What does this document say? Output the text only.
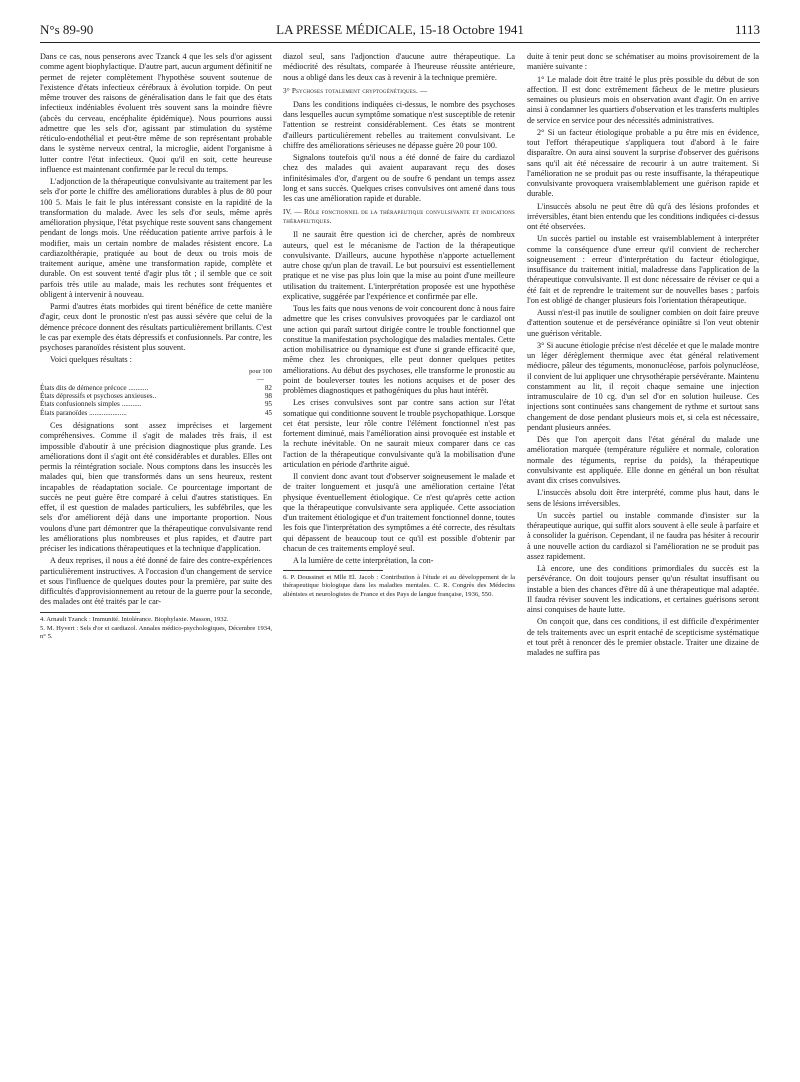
N°s 89-90	LA PRESSE MÉDICALE, 15-18 Octobre 1941	1113

Dans ce cas, nous penserons avec Tzanck 4 que les sels d'or agissent comme agent biophylactique. D'autre part, aucun argument définitif ne permet de rejeter complètement l'hypothèse souvent soutenue de l'existence d'états infectieux cérébraux à évolution torpide. On peut même trouver des raisons de généralisation dans le fait que des états infectieux indéniables évoluent très souvent sans la moindre fièvre (abcès du cerveau, encéphalite épidémique). Nous pourrions aussi admettre que les sels d'or, agissant par stimulation du système réticulo-endothélial et peut-être même de son représentant probable dans le système nerveux central, la microglie, aident l'organisme à lutter contre l'état infectieux. Quoi qu'il en soit, cette heureuse influence est maintenant confirmée par le recul du temps.

L'adjonction de la thérapeutique convulsivante au traitement par les sels d'or porte le chiffre des améliorations durables à plus de 80 pour 100 5. Mais le fait le plus intéressant consiste en la rapidité de la transformation du malade. Avec les sels d'or seuls, même après amélioration physique, l'état psychique reste souvent sans changement pendant de longs mois. Une rééducation patiente arrive parfois à le modifier, mais un certain nombre de malades résistent encore. La cardiazolthérapie, pratiquée au bout de deux ou trois mois de traitement aurique, amène une transformation rapide, complète et durable. On est souvent tenté d'agir plus tôt ; il semble que ce soit parfois très utile au malade, mais les rechutes sont fréquentes et obligent à intervenir à nouveau.

Parmi d'autres états morbides qui tirent bénéfice de cette manière d'agir, ceux dont le pronostic n'est pas aussi sévère que celui de la démence précoce donnent des résultats particulièrement brillants. C'est le cas par exemple des états dépressifs et confusionnels. Par contre, les psychoses paranoïdes résistent plus souvent.

Voici quelques résultats :

pour 100
—
États dits de démence précoce ...........	82
États dépressifs et psychoses anxieuses..	98
États confusionnels simples ...........	95
États paranoïdes .....................	45

Ces désignations sont assez imprécises et largement compréhensives. Comme il s'agit de malades très frais, il est impossible d'aboutir à une précision diagnostique plus grande. Les améliorations dont il s'agit ont été considérables et durables. Elles ont permis la réintégration sociale. Nous comptons dans les insuccès les malades qui, bien que transformés dans un sens heureux, restent incapables de réadaptation sociale. Ce pourcentage important de succès ne peut guère être comparé à celui d'autres statistiques. En effet, il est question de malades particuliers, les subfébriles, que les sels d'or améliorent déjà dans une importante proportion. Nous voulons d'une part démontrer que la thérapeutique convulsivante rend les améliorations plus nombreuses et plus rapides, et d'autre part préciser les indications thérapeutiques et la technique d'application.

A deux reprises, il nous a été donné de faire des contre-expériences particulièrement instructives. A l'occasion d'un changement de service et sous l'influence de quelques doutes pour la première, par suite des difficultés d'approvisionnement au retour de la guerre pour la seconde, des malades ont été traités par le car-

4. Arnault Tzanck : Immunité. Intolérance. Biophylaxie. Masson, 1932.

5. M. Hyvert : Sels d'or et cardiazol. Annales médico-psychologiques, Décembre 1934, n° 5.

diazol seul, sans l'adjonction d'aucune autre thérapeutique. La médiocrité des résultats, comparée à l'heureuse réussite antérieure, nous a obligé dans les deux cas à revenir à la technique première.

3° Psychoses totalement cryptogénétiques. —

Dans les conditions indiquées ci-dessus, le nombre des psychoses dans lesquelles aucun symptôme somatique n'est susceptible de retenir l'attention se restreint considérablement. Ces états se montrent d'ailleurs particulièrement rebelles au traitement convulsivant. Le chiffre des améliorations sérieuses ne dépasse guère 20 pour 100.

Signalons toutefois qu'il nous a été donné de faire du cardiazol chez des malades qui avaient auparavant reçu des doses infinitésimales d'or, d'argent ou de soufre 6 pendant un temps assez long et sans succès. Quelques crises convulsives ont amené dans tous les cas une amélioration rapide et durable.

IV. — Rôle fonctionnel de la thérapeutique convulsivante et indications thérapeutiques.

Il ne saurait être question ici de chercher, après de nombreux auteurs, quel est le mécanisme de l'action de la thérapeutique convulsivante. D'ailleurs, aucune hypothèse n'apporte actuellement autre chose qu'un plan de travail. Le but poursuivi est essentiellement pratique et ne vise pas plus loin que la mise au point d'une meilleure utilisation du traitement. L'interprétation proposée est une hypothèse explicative, suggérée par l'expérience et confirmée par elle.

Tous les faits que nous venons de voir concourent donc à nous faire admettre que les crises convulsives provoquées par le cardiazol ont une action qui paraît surtout dirigée contre le trouble fonctionnel que constitue la manifestation psychologique des maladies mentales. Cette action mobilisatrice ou dynamique est d'une si grande efficacité que, même chez les chroniques, elle peut donner quelques petites améliorations. Au début des psychoses, elle transforme le pronostic au point de bouleverser toutes les notions acquises et de poser des problèmes diagnostiques et pathogéniques du plus haut intérêt.

Les crises convulsives sont par contre sans action sur l'état somatique qui conditionne souvent le trouble psychopathique. Lorsque cet état persiste, leur rôle contre l'élément fonctionnel n'est pas fortement diminué, mais l'amélioration ainsi provoquée est instable et la rechute inévitable. On ne saurait mieux comparer dans ce cas l'action de la thérapeutique convulsivante qu'à la mobilisation d'une articulation en période d'arthrite aiguë.

Il convient donc avant tout d'observer soigneusement le malade et de traiter longuement et jusqu'à une amélioration certaine l'état physique éventuellement étiologique. Ce n'est qu'après cette action que la thérapeutique convulsivante sera appliquée. Cette association d'un traitement étiologique et d'un traitement fonctionnel donne, toutes les fois que l'interprétation des symptômes a été correcte, des résultats qui dépassent de beaucoup tout ce qu'il est possible d'obtenir par chacun de ces traitements employé seul.

A la lumière de cette interprétation, la con-

6. P. Doussinet et Mlle El. Jacob : Contribution à l'étude et au développement de la thérapeutique biologique dans les maladies mentales. C. R. Congrès des Médecins aliénistes et neurologistes de France et des Pays de langue française, 1936, 550.

duite à tenir peut donc se schématiser au moins provisoirement de la manière suivante :

1° Le malade doit être traité le plus près possible du début de son affection. Il est donc extrêmement fâcheux de le mettre plusieurs semaines ou plusieurs mois en observation avant d'agir. On en arrive ainsi à condamner les quartiers d'observation et les transferts multiples de service en service pour des nécessités administratives.

2° Si un facteur étiologique probable a pu être mis en évidence, tout l'effort thérapeutique s'appliquera tout d'abord à le faire disparaître. On aura ainsi souvent la surprise d'observer des guérisons sans qu'il ait été nécessaire de recourir à un autre traitement. Si l'amélioration ne se produit pas ou reste insuffisante, la thérapeutique convulsivante provoquera vraisemblablement une guérison rapide et durable.

L'insuccès absolu ne peut être dû qu'à des lésions profondes et irréversibles, étant bien entendu que les conditions indiquées ci-dessus ont été observées.

Un succès partiel ou instable est vraisemblablement à interpréter comme la conséquence d'une erreur qu'il convient de rechercher soigneusement : erreur d'interprétation du facteur étiologique, insuffisance du traitement initial, maladresse dans l'application de la thérapeutique convulsivante. Il est donc nécessaire de réviser ce qui a été fait et de reprendre le traitement sur de nouvelles bases ; parfois l'on est obligé de changer plusieurs fois l'orientation thérapeutique.

Aussi n'est-il pas inutile de souligner combien on doit faire preuve d'attention soutenue et de persévérance opiniâtre si l'on veut obtenir une guérison véritable.

3° Si aucune étiologie précise n'est décelée et que le malade montre un léger dérèglement thermique avec état général relativement médiocre, pâleur des téguments, mononucléose, parfois polynucléose, il convient de lui appliquer une chrysothérapie persévérante. Maintenu constamment au lit, il reçoit chaque semaine une injection intramusculaire de 10 cg. d'un sel d'or en solution huileuse. Ces injections sont continuées sans changement de rythme et surtout sans changement de dose pendant plusieurs mois et, si cela est nécessaire, pendant plusieurs années.

Dès que l'on aperçoit dans l'état général du malade une amélioration marquée (température régulière et normale, coloration normale des téguments, reprise du poids), la thérapeutique convulsivante est appliquée. Elle donne en général un bon résultat avant dix crises convulsives.

L'insuccès absolu doit être interprété, comme plus haut, dans le sens de lésions irréversibles.

Un succès partiel ou instable commande d'insister sur la thérapeutique aurique, qui suffit alors souvent à elle seule à parfaire et à consolider la guérison. Cependant, il ne faudra pas hésiter à recourir à une nouvelle action du cardiazol si l'amélioration ne se produit pas assez rapidement.

Là encore, une des conditions primordiales du succès est la persévérance. On doit toujours penser qu'un résultat insuffisant ou instable a bien des chances d'être dû à une thérapeutique mal adaptée. Il faudra réviser souvent les indications, et certaines guérisons seront ainsi conquises de haute lutte.

On conçoit que, dans ces conditions, il est difficile d'expérimenter de tels traitements avec un esprit entaché de scepticisme systématique et tout prêt à renoncer dès le premier obstacle. Traiter une dizaine de malades ne suffira pas
